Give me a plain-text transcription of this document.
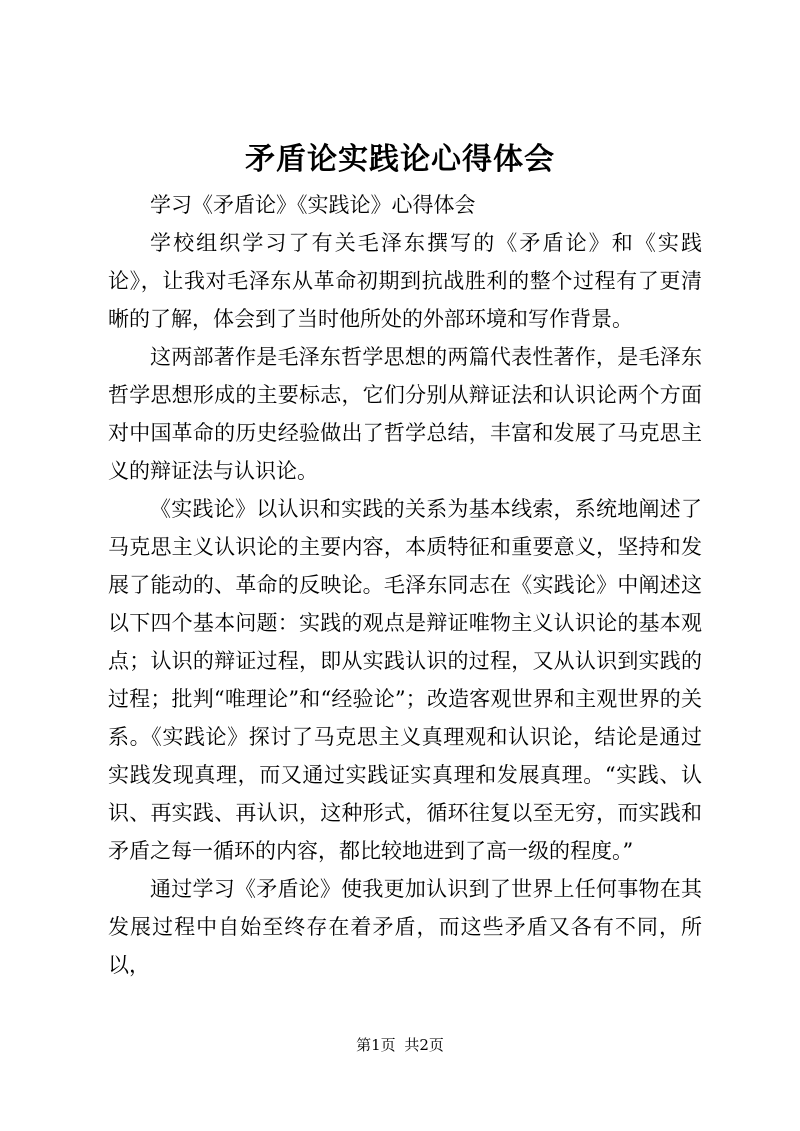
矛盾论实践论心得体会

学习《矛盾论》《实践论》心得体会

学校组织学习了有关毛泽东撰写的《矛盾论》和《实践论》，让我对毛泽东从革命初期到抗战胜利的整个过程有了更清晰的了解，体会到了当时他所处的外部环境和写作背景。

这两部著作是毛泽东哲学思想的两篇代表性著作，是毛泽东哲学思想形成的主要标志，它们分别从辩证法和认识论两个方面对中国革命的历史经验做出了哲学总结，丰富和发展了马克思主义的辩证法与认识论。

《实践论》以认识和实践的关系为基本线索，系统地阐述了马克思主义认识论的主要内容，本质特征和重要意义，坚持和发展了能动的、革命的反映论。毛泽东同志在《实践论》中阐述这以下四个基本问题：实践的观点是辩证唯物主义认识论的基本观点；认识的辩证过程，即从实践认识的过程，又从认识到实践的过程；批判“唯理论”和“经验论”；改造客观世界和主观世界的关系。《实践论》探讨了马克思主义真理观和认识论，结论是通过实践发现真理，而又通过实践证实真理和发展真理。“实践、认识、再实践、再认识，这种形式，循环往复以至无穷，而实践和矛盾之每一循环的内容，都比较地进到了高一级的程度。”

通过学习《矛盾论》使我更加认识到了世界上任何事物在其发展过程中自始至终存在着矛盾，而这些矛盾又各有不同，所以，

第1页 共2页
